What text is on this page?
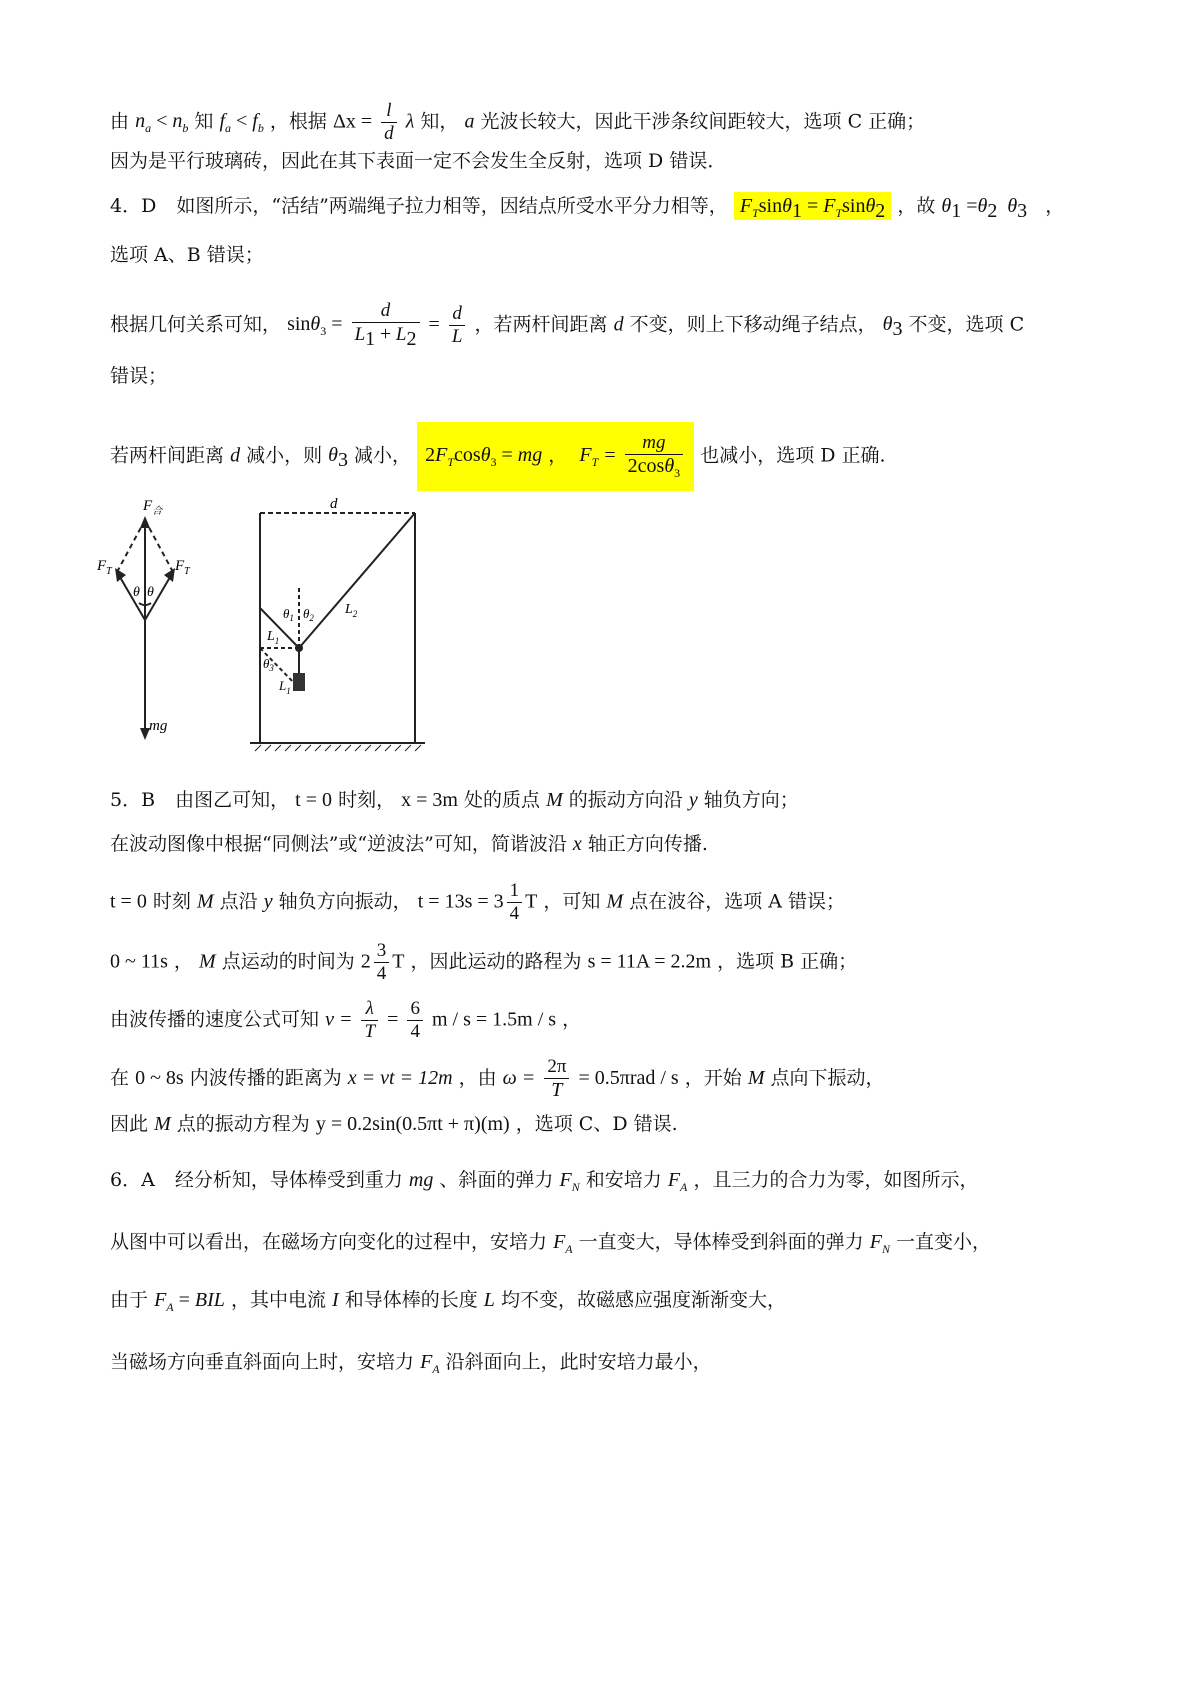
由 $n_a < n_b$ 知 $f_a < f_b$ ，根据 $\Delta x = \frac{l}{d}$ λ 知， a 光波长较大，因此干涉条纹间距较大，选项 C 正确；
因为是平行玻璃砖，因此在其下表面一定不会发生全反射，选项 D 错误．
4．D 如图所示，“活结”两端绳子拉力相等，因结点所受水平分力相等， $F_T\sin\theta_1 = F_T\sin\theta_2$ ，故 $\theta_1 =\theta_2$  $\theta_3$   ，
选项 A、B 错误；
根据几何关系可知， $\sin\theta_3 = \frac{d}{L_1 + L_2} = \frac{d}{L}$ ，若两杆间距离 d 不变，则上下移动绳子结点， $\theta_3$ 不变，选项 C
错误；
若两杆间距离 d 减小，则 $\theta_3$ 减小， $2F_T\cos\theta_3$ = mg ，  $F_T = \frac{mg}{2\cos\theta_3}$ 也减小，选项 D 正确.
$F_合$
$F_T$	$F_T$
θ θ
mg
d
$L_1$
$L_2$
$\theta_1$ $\theta_2$
$\theta_3$
$L_1$
5．B 由图乙可知， t = 0 时刻， x = 3m 处的质点 M 的振动方向沿 y 轴负方向；
在波动图像中根据“同侧法”或“逆波法”可知，简谐波沿 x 轴正方向传播.
t = 0 时刻 M 点沿 y 轴负方向振动， $t = 13s = 3 \frac{1}{4}$ T ，可知 M 点在波谷，选项 A 错误；
0 ~ 11s ， M 点运动的时间为 $2 \frac{3}{4}$ T ，因此运动的路程为 s = 11A = 2.2m ，选项 B 正确；
由波传播的速度公式可知 $v = \frac{\lambda}{T} = \frac{6}{4}$ m / s = 1.5m / s ，
在 0 ~ 8s 内波传播的距离为 x = vt = 12m ，由 $\omega = \frac{2\pi}{T} = 0.5\pi rad / s$ ，开始 M 点向下振动，
因此 M 点的振动方程为 y = 0.2sin(0.5πt + π)(m) ，选项 C、D 错误.
6．A 经分析知，导体棒受到重力 mg 、斜面的弹力 $F_N$ 和安培力 $F_A$ ，且三力的合力为零，如图所示，
从图中可以看出，在磁场方向变化的过程中，安培力 $F_A$ 一直变大，导体棒受到斜面的弹力 $F_N$ 一直变小，
由于 $F_A$ = BIL ，其中电流 I 和导体棒的长度 L 均不变，故磁感应强度渐渐变大，
当磁场方向垂直斜面向上时，安培力 $F_A$ 沿斜面向上，此时安培力最小，
